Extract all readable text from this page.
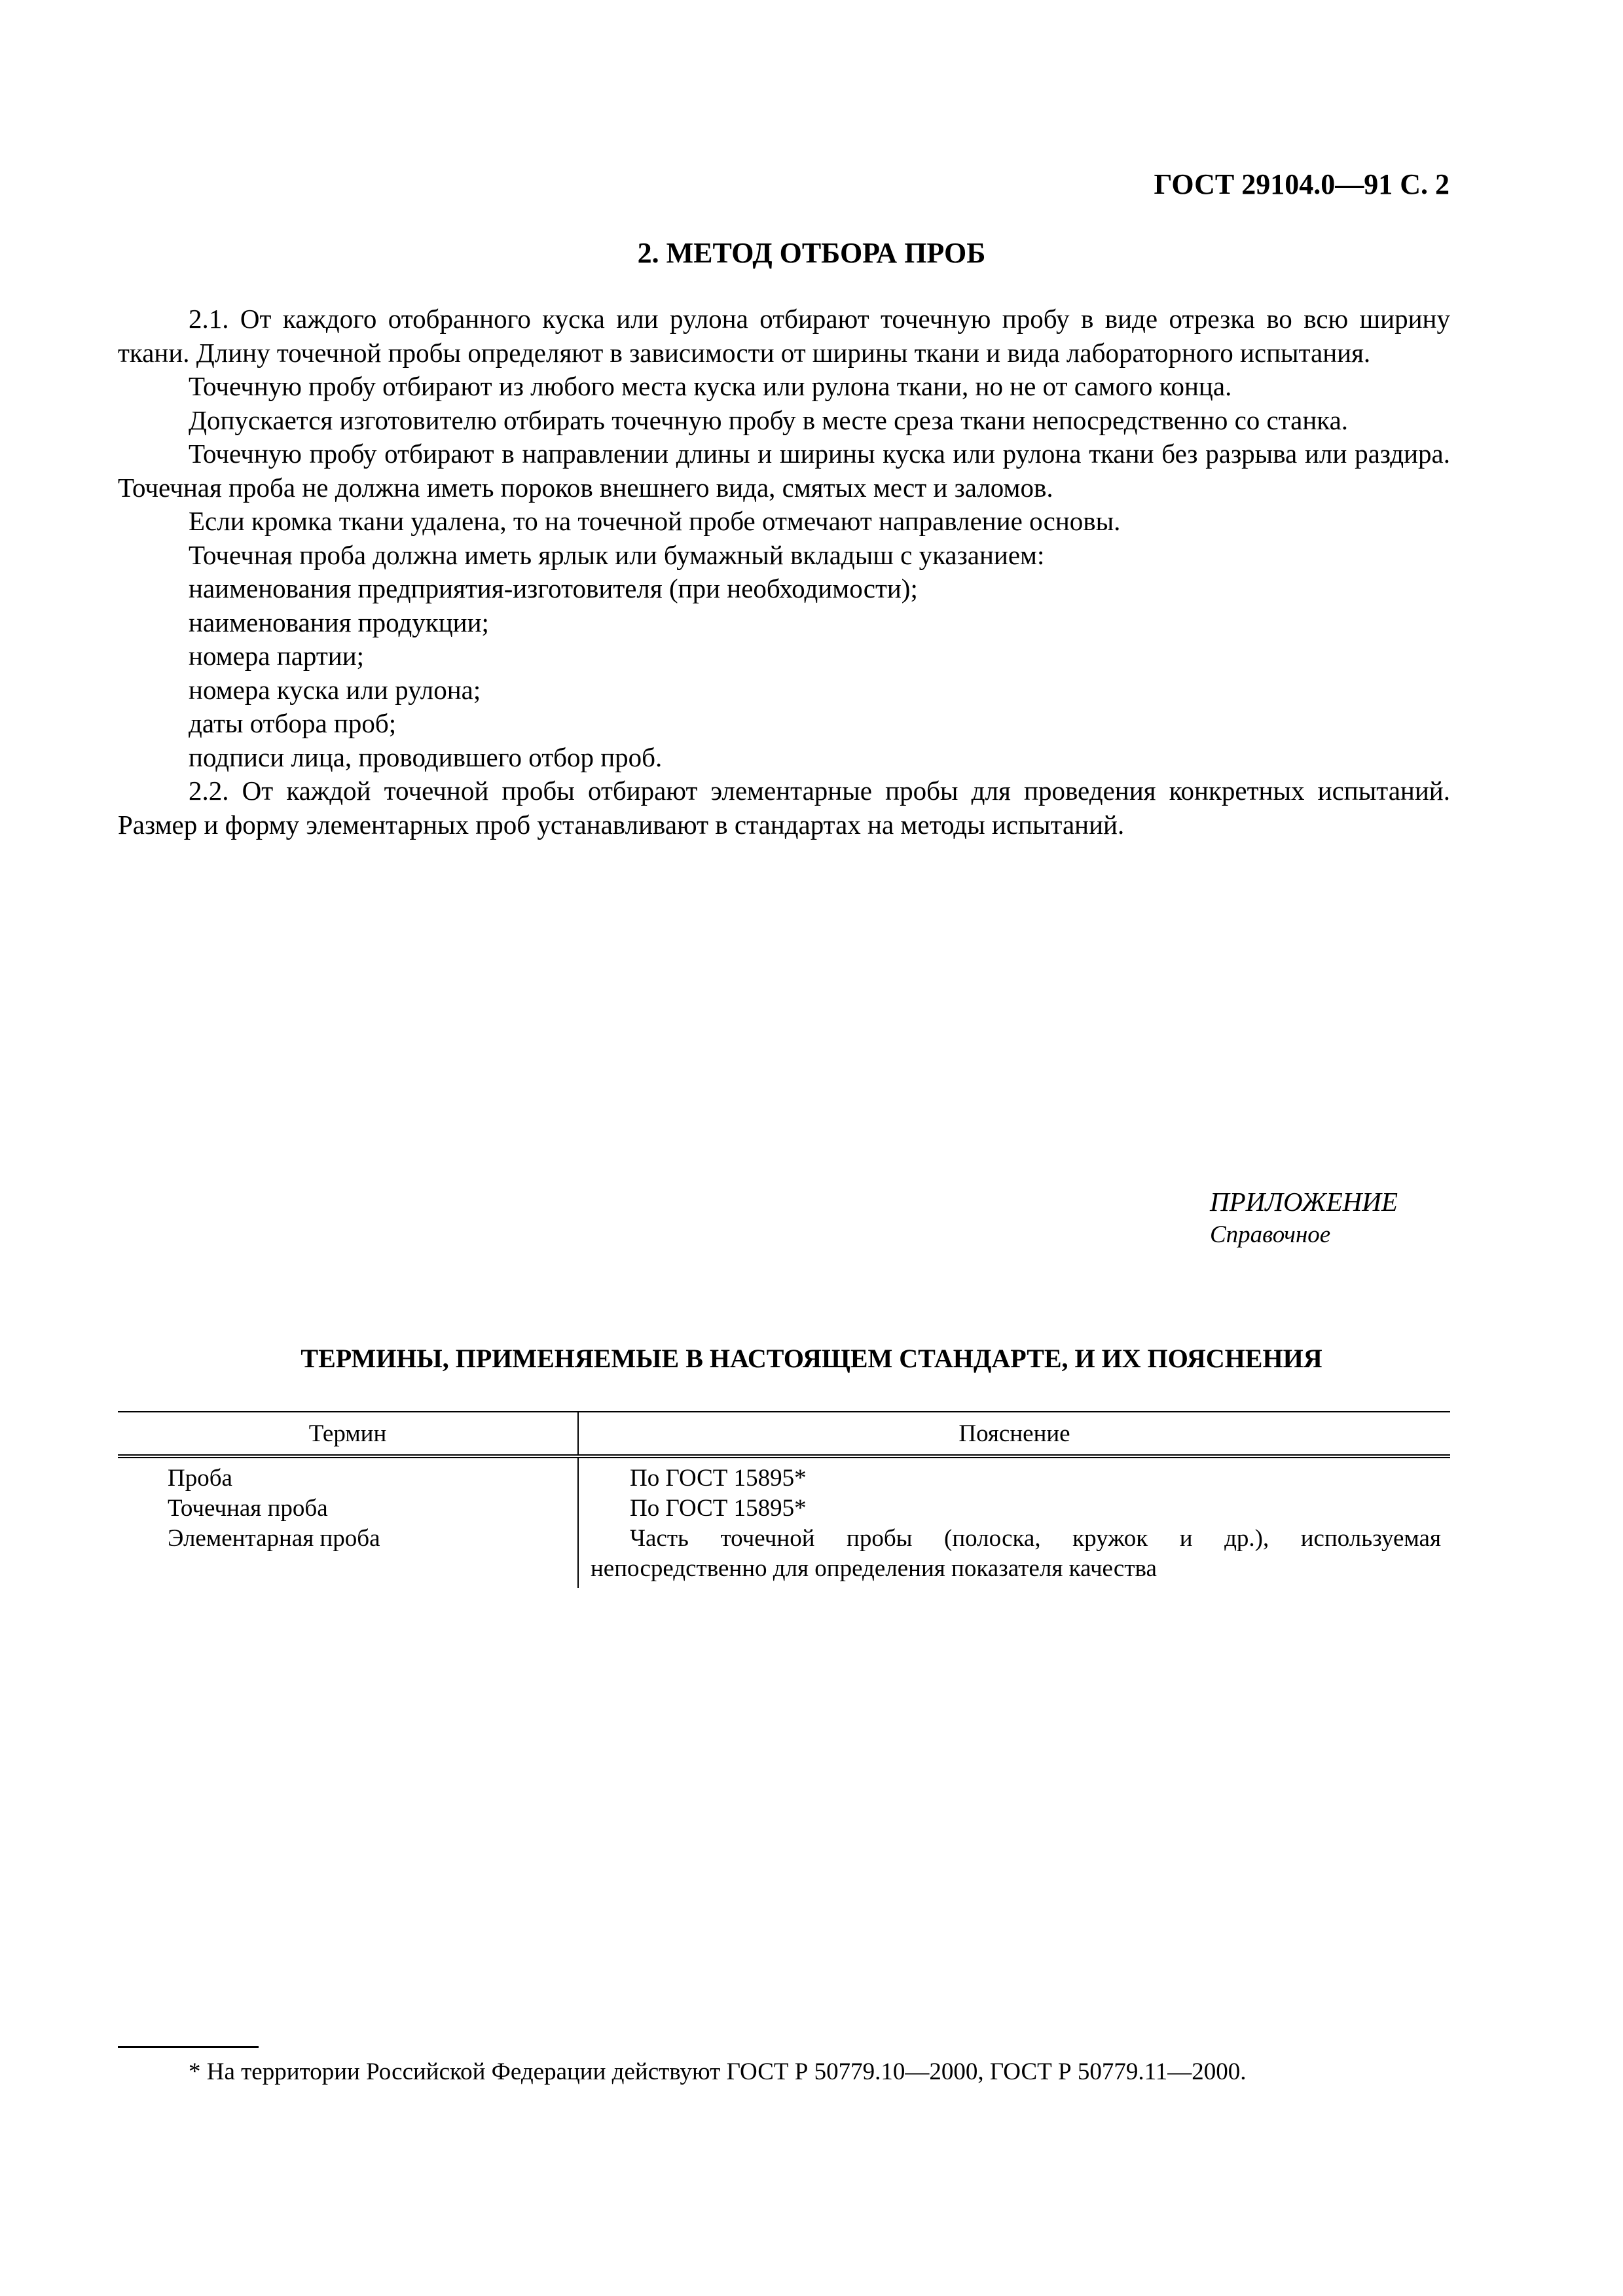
ГОСТ 29104.0—91 С. 2
2. МЕТОД ОТБОРА ПРОБ

2.1. От каждого отобранного куска или рулона отбирают точечную пробу в виде отрезка во всю ширину ткани. Длину точечной пробы определяют в зависимости от ширины ткани и вида лабораторного испытания.

Точечную пробу отбирают из любого места куска или рулона ткани, но не от самого конца.

Допускается изготовителю отбирать точечную пробу в месте среза ткани непосредственно со станка.

Точечную пробу отбирают в направлении длины и ширины куска или рулона ткани без разрыва или раздира. Точечная проба не должна иметь пороков внешнего вида, смятых мест и заломов.

Если кромка ткани удалена, то на точечной пробе отмечают направление основы.

Точечная проба должна иметь ярлык или бумажный вкладыш с указанием:

наименования предприятия-изготовителя (при необходимости);

наименования продукции;

номера партии;

номера куска или рулона;

даты отбора проб;

подписи лица, проводившего отбор проб.

2.2. От каждой точечной пробы отбирают элементарные пробы для проведения конкретных испытаний. Размер и форму элементарных проб устанавливают в стандартах на методы испытаний.

ПРИЛОЖЕНИЕ
Справочное
ТЕРМИНЫ, ПРИМЕНЯЕМЫЕ В НАСТОЯЩЕМ СТАНДАРТЕ, И ИХ ПОЯСНЕНИЯ
Термин	Пояснение
Проба	По ГОСТ 15895*
Точечная проба	По ГОСТ 15895*
Элементарная проба	Часть точечной пробы (полоска, кружок и др.), используемая непосредственно для определения показателя качества
* На территории Российской Федерации действуют ГОСТ Р 50779.10—2000, ГОСТ Р 50779.11—2000.
